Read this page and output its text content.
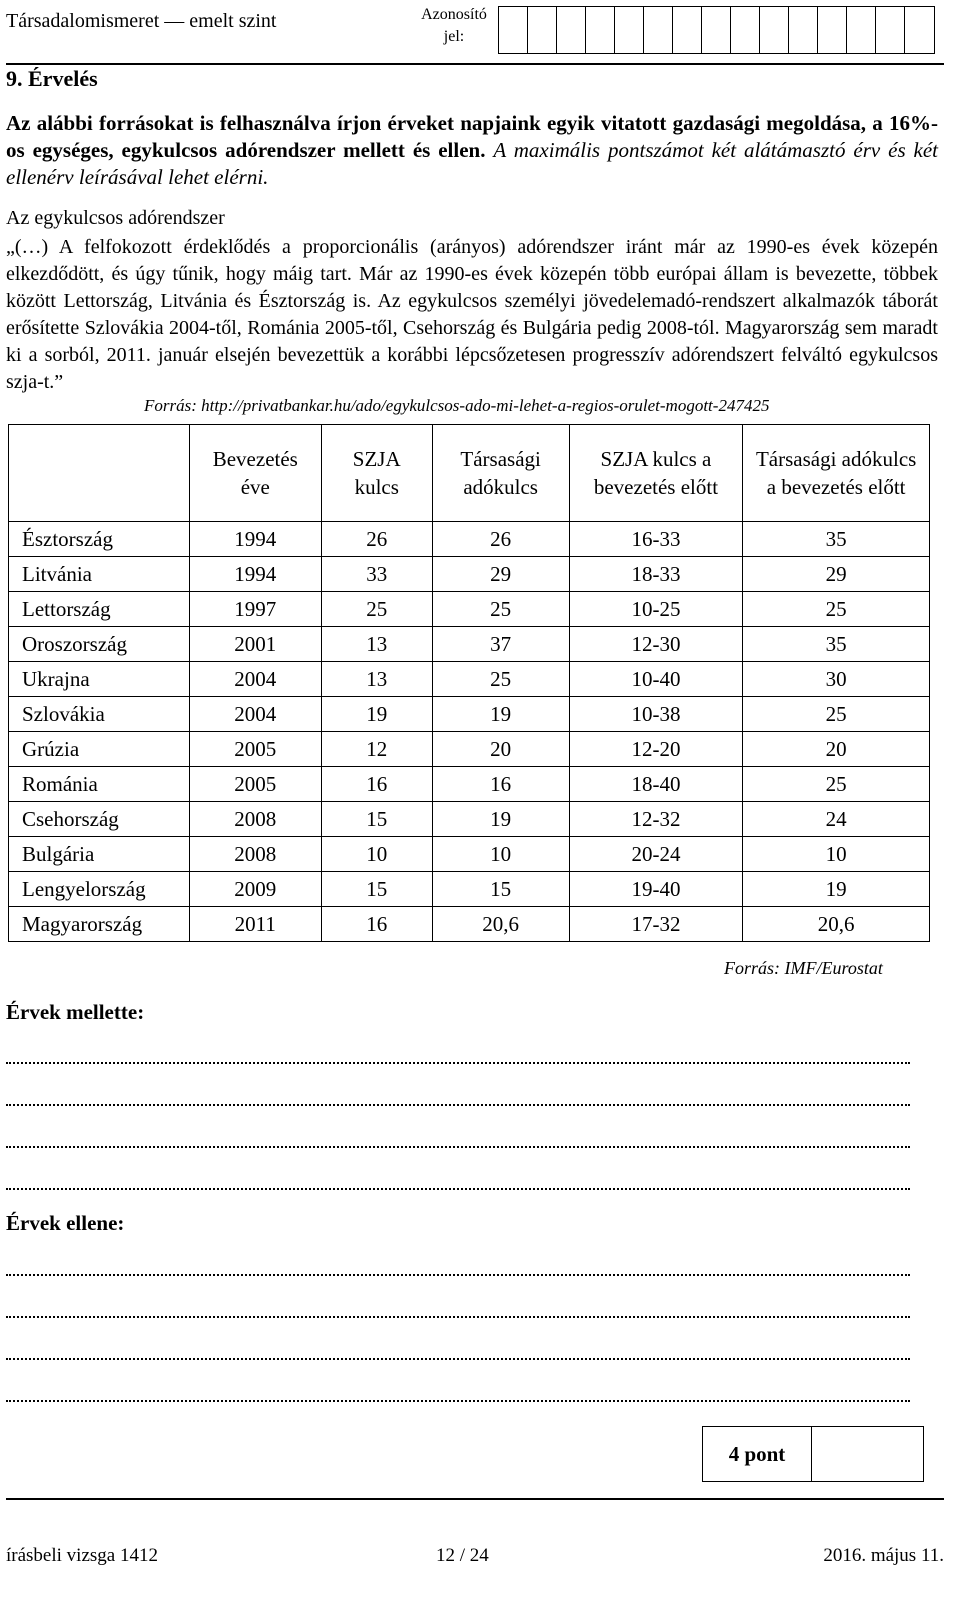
Társadalomismeret — emelt szint	Azonosító
jel:
9. Érvelés
Az alábbi forrásokat is felhasználva írjon érveket napjaink egyik vitatott gazdasági megoldása, a 16%-os egységes, egykulcsos adórendszer mellett és ellen. A maximális pontszámot két alátámasztó érv és két ellenérv leírásával lehet elérni.
Az egykulcsos adórendszer
„(…) A felfokozott érdeklődés a proporcionális (arányos) adórendszer iránt már az 1990-es évek közepén elkezdődött, és úgy tűnik, hogy máig tart. Már az 1990-es évek közepén több európai állam is bevezette, többek között Lettország, Litvánia és Észtország is. Az egykulcsos személyi jövedelemadó-rendszert alkalmazók táborát erősítette Szlovákia 2004-től, Románia 2005-től, Csehország és Bulgária pedig 2008-tól. Magyarország sem maradt ki a sorból, 2011. január elsején bevezettük a korábbi lépcsőzetesen progresszív adórendszert felváltó egykulcsos szja-t.”
Forrás: http://privatbankar.hu/ado/egykulcsos-ado-mi-lehet-a-regios-orulet-mogott-247425
	Bevezetés éve	SZJA kulcs	Társasági adókulcs	SZJA kulcs a bevezetés előtt	Társasági adókulcs a bevezetés előtt
Észtország	1994	26	26	16-33	35
Litvánia	1994	33	29	18-33	29
Lettország	1997	25	25	10-25	25
Oroszország	2001	13	37	12-30	35
Ukrajna	2004	13	25	10-40	30
Szlovákia	2004	19	19	10-38	25
Grúzia	2005	12	20	12-20	20
Románia	2005	16	16	18-40	25
Csehország	2008	15	19	12-32	24
Bulgária	2008	10	10	20-24	10
Lengyelország	2009	15	15	19-40	19
Magyarország	2011	16	20,6	17-32	20,6
Forrás: IMF/Eurostat
Érvek mellette:
Érvek ellene:
4 pont
írásbeli vizsga 1412	12 / 24	2016. május 11.
